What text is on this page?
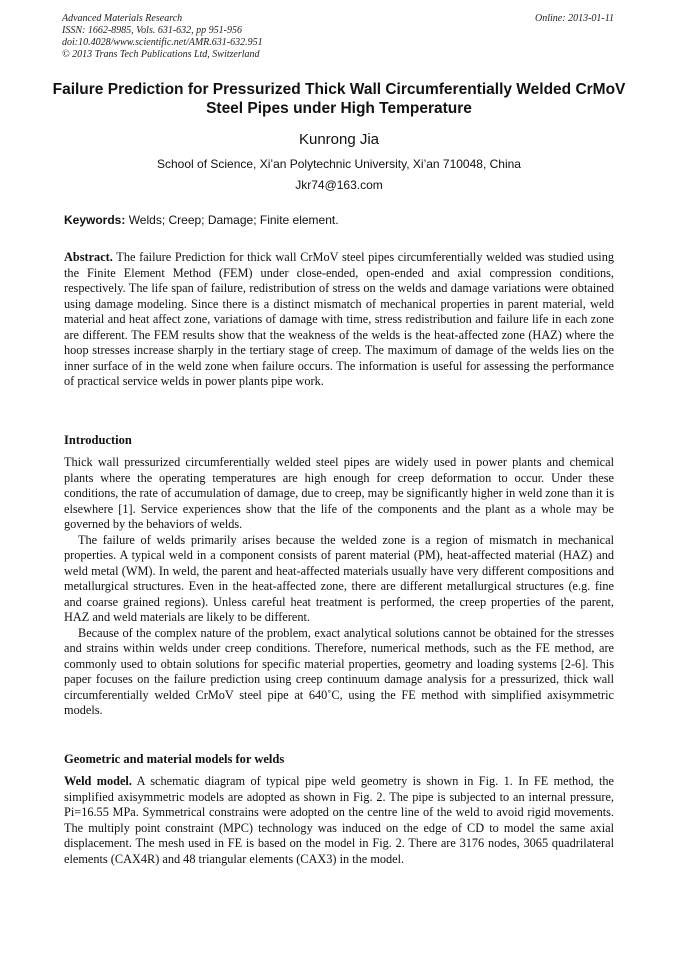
Advanced Materials Research
ISSN: 1662-8985, Vols. 631-632, pp 951-956
doi:10.4028/www.scientific.net/AMR.631-632.951
© 2013 Trans Tech Publications Ltd, Switzerland
Online: 2013-01-11
Failure Prediction for Pressurized Thick Wall Circumferentially Welded CrMoV Steel Pipes under High Temperature
Kunrong Jia
School of Science, Xi’an Polytechnic University, Xi’an 710048, China
Jkr74@163.com
Keywords: Welds; Creep; Damage; Finite element.

Abstract. The failure Prediction for thick wall CrMoV steel pipes circumferentially welded was studied using the Finite Element Method (FEM) under close-ended, open-ended and axial compression conditions, respectively. The life span of failure, redistribution of stress on the welds and damage variations were obtained using damage modeling. Since there is a distinct mismatch of mechanical properties in parent material, weld material and heat affect zone, variations of damage with time, stress redistribution and failure life in each zone are different. The FEM results show that the weakness of the welds is the heat-affected zone (HAZ) where the hoop stresses increase sharply in the tertiary stage of creep. The maximum of damage of the welds lies on the inner surface of in the weld zone when failure occurs. The information is useful for assessing the performance of practical service welds in power plants pipe work.

Introduction

Thick wall pressurized circumferentially welded steel pipes are widely used in power plants and chemical plants where the operating temperatures are high enough for creep deformation to occur. Under these conditions, the rate of accumulation of damage, due to creep, may be significantly higher in weld zone than it is elsewhere [1]. Service experiences show that the life of the components and the plant as a whole may be governed by the behaviors of welds.

The failure of welds primarily arises because the welded zone is a region of mismatch in mechanical properties. A typical weld in a component consists of parent material (PM), heat-affected material (HAZ) and weld metal (WM). In weld, the parent and heat-affected materials usually have very different compositions and metallurgical structures. Even in the heat-affected zone, there are different metallurgical structures (e.g. fine and coarse grained regions). Unless careful heat treatment is performed, the creep properties of the parent, HAZ and weld materials are likely to be different.

Because of the complex nature of the problem, exact analytical solutions cannot be obtained for the stresses and strains within welds under creep conditions. Therefore, numerical methods, such as the FE method, are commonly used to obtain solutions for specific material properties, geometry and loading systems [2-6]. This paper focuses on the failure prediction using creep continuum damage analysis for a pressurized, thick wall circumferentially welded CrMoV steel pipe at 640˚C, using the FE method with simplified axisymmetric models.

Geometric and material models for welds

Weld model. A schematic diagram of typical pipe weld geometry is shown in Fig. 1. In FE method, the simplified axisymmetric models are adopted as shown in Fig. 2. The pipe is subjected to an internal pressure, Pi=16.55 MPa. Symmetrical constrains were adopted on the centre line of the weld to avoid rigid movements. The multiply point constraint (MPC) technology was induced on the edge of CD to model the same axial displacement. The mesh used in FE is based on the model in Fig. 2. There are 3176 nodes, 3065 quadrilateral elements (CAX4R) and 48 triangular elements (CAX3) in the model.
